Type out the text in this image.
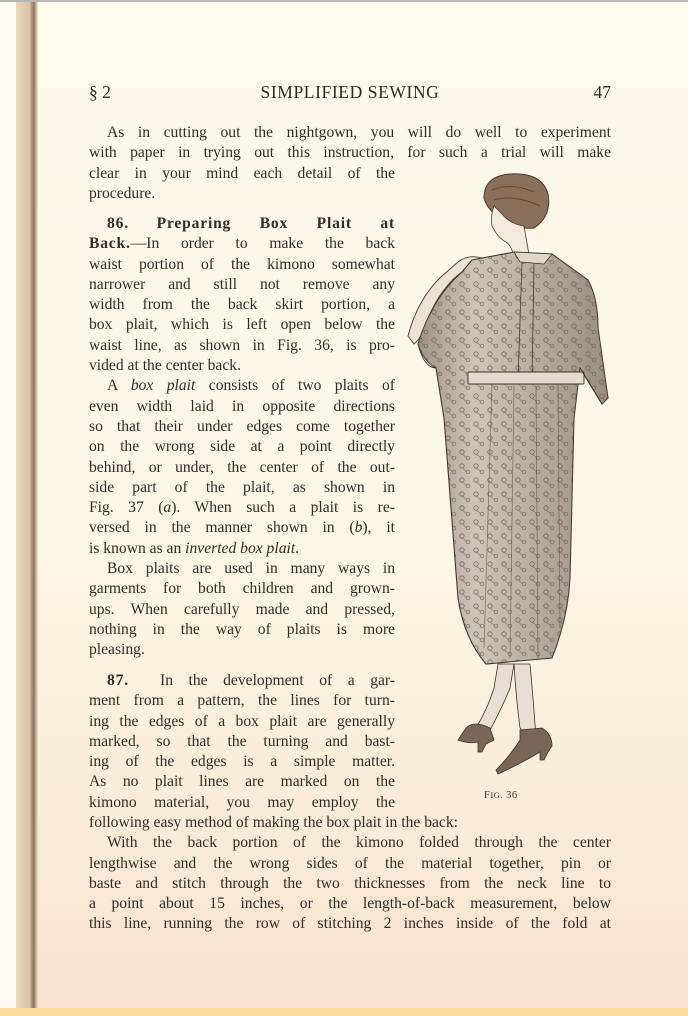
§ 2	SIMPLIFIED SEWING	47
As in cutting out the nightgown, you will do well to experiment
with paper in trying out this instruction, for such a trial will make
clear in your mind each detail of the
procedure.
86. Preparing Box Plait at
Back.—In order to make the back
waist portion of the kimono somewhat
narrower and still not remove any
width from the back skirt portion, a
box plait, which is left open below the
waist line, as shown in Fig. 36, is pro-
vided at the center back.
A box plait consists of two plaits of
even width laid in opposite directions
so that their under edges come together
on the wrong side at a point directly
behind, or under, the center of the out-
side part of the plait, as shown in
Fig. 37 (a). When such a plait is re-
versed in the manner shown in (b), it
is known as an inverted box plait.
Box plaits are used in many ways in
garments for both children and grown-
ups. When carefully made and pressed,
nothing in the way of plaits is more
pleasing.
87. In the development of a gar-
ment from a pattern, the lines for turn-
ing the edges of a box plait are generally
marked, so that the turning and bast-
ing of the edges is a simple matter.
As no plait lines are marked on the
kimono material, you may employ the
following easy method of making the box plait in the back:
With the back portion of the kimono folded through the center
lengthwise and the wrong sides of the material together, pin or
baste and stitch through the two thicknesses from the neck line to
a point about 15 inches, or the length-of-back measurement, below
this line, running the row of stitching 2 inches inside of the fold at
FIG. 36
